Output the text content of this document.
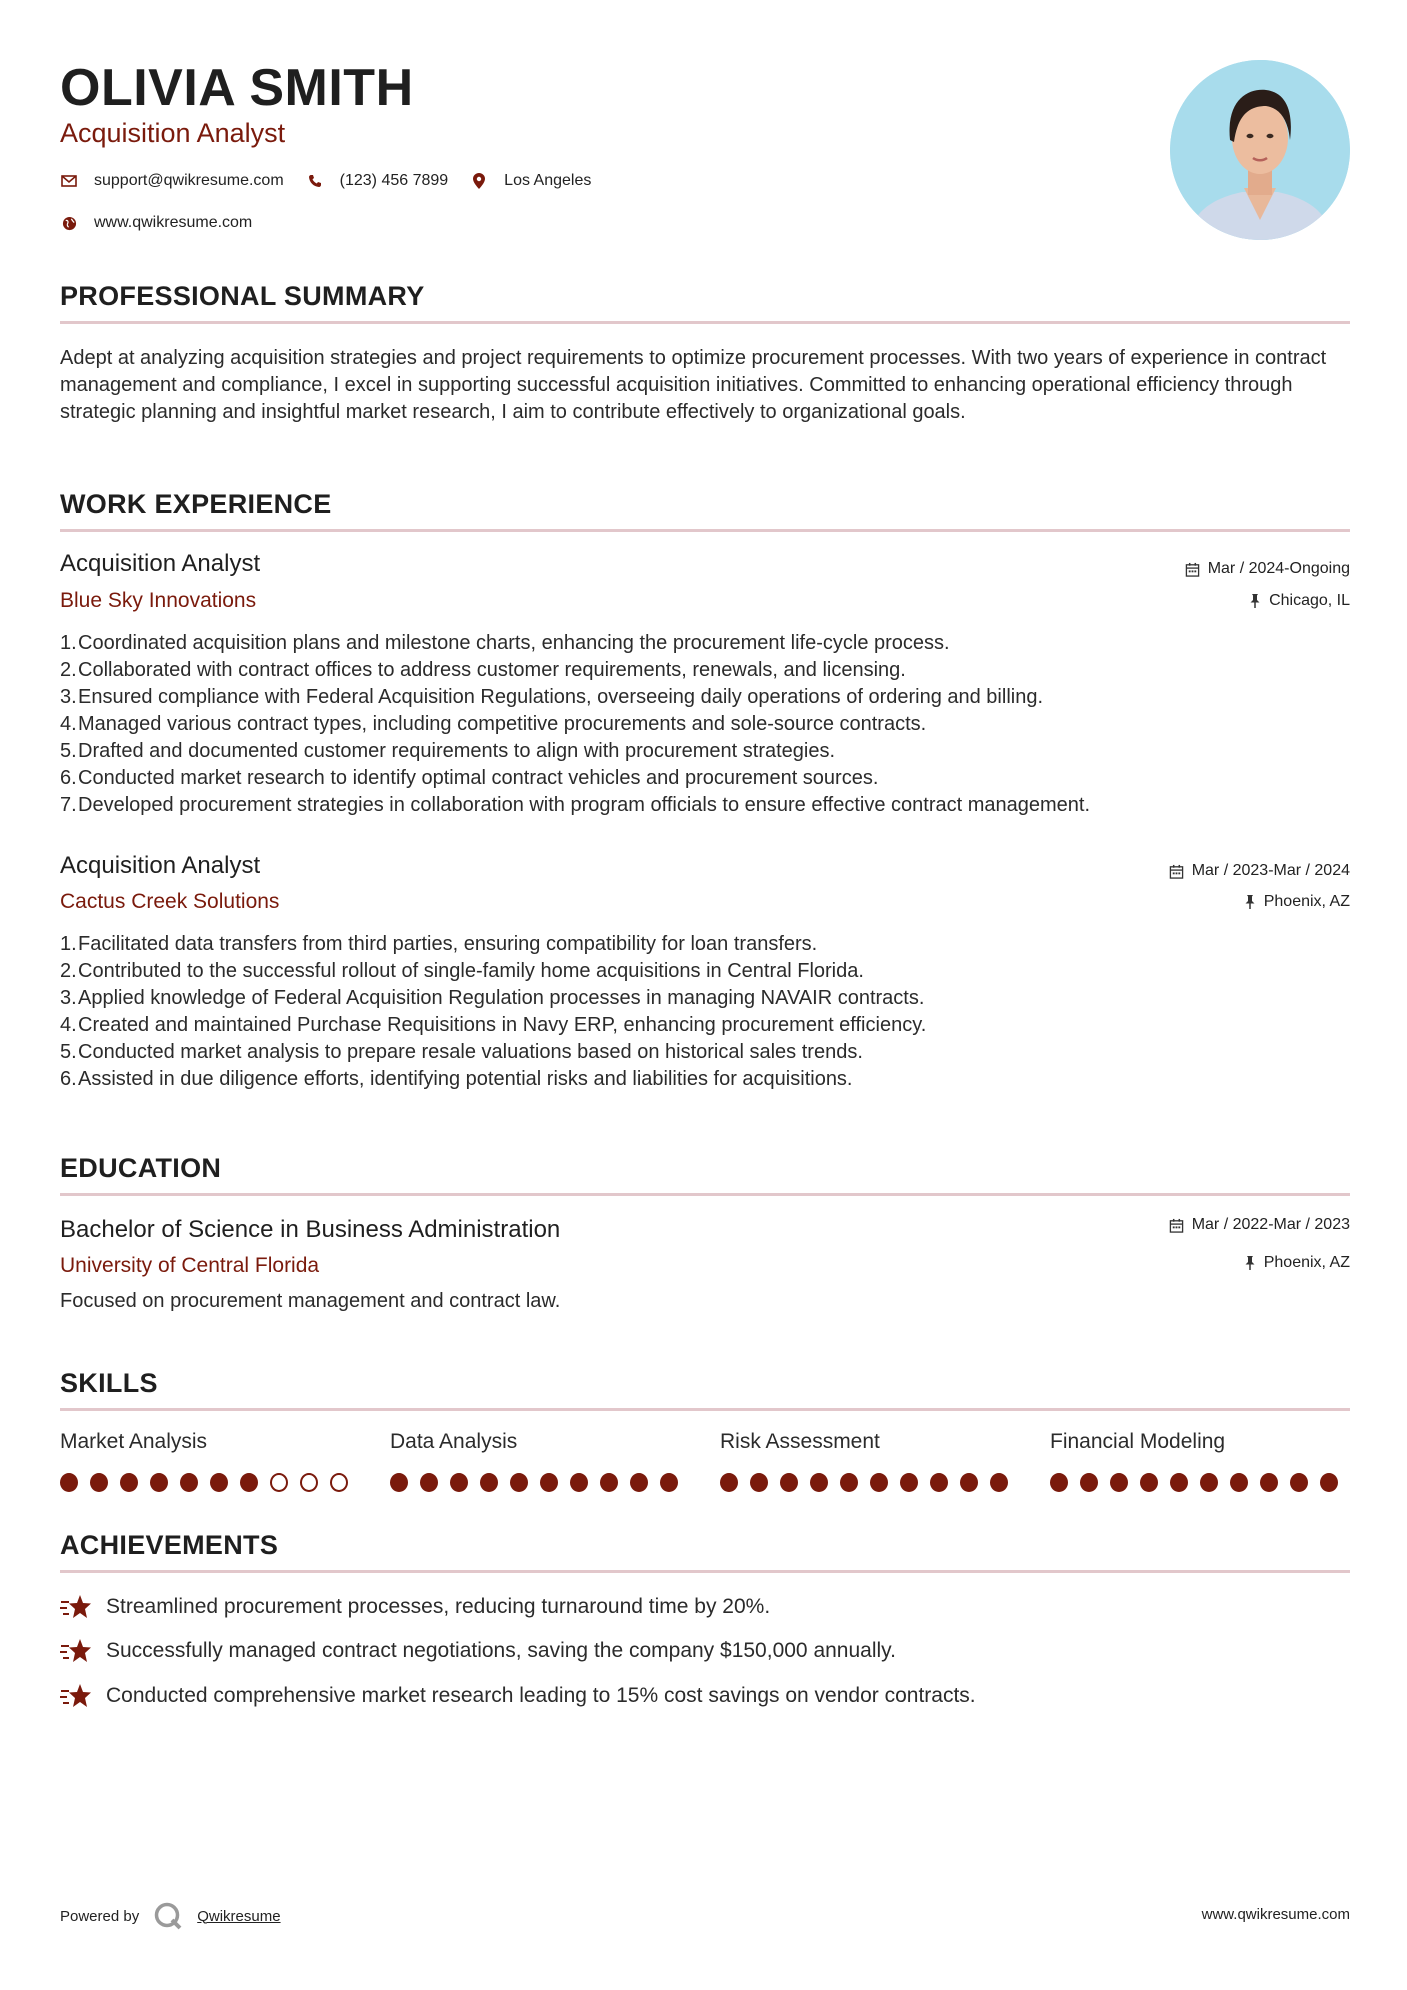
OLIVIA SMITH
Acquisition Analyst
support@qwikresume.com	(123) 456 7899	Los Angeles
www.qwikresume.com
PROFESSIONAL SUMMARY

Adept at analyzing acquisition strategies and project requirements to optimize procurement processes. With two years of experience in contract management and compliance, I excel in supporting successful acquisition initiatives. Committed to enhancing operational efficiency through strategic planning and insightful market research, I aim to contribute effectively to organizational goals.

WORK EXPERIENCE
Acquisition Analyst
Blue Sky Innovations
Mar / 2024-Ongoing
Chicago, IL
1. Coordinated acquisition plans and milestone charts, enhancing the procurement life-cycle process.
2. Collaborated with contract offices to address customer requirements, renewals, and licensing.
3. Ensured compliance with Federal Acquisition Regulations, overseeing daily operations of ordering and billing.
4. Managed various contract types, including competitive procurements and sole-source contracts.
5. Drafted and documented customer requirements to align with procurement strategies.
6. Conducted market research to identify optimal contract vehicles and procurement sources.
7. Developed procurement strategies in collaboration with program officials to ensure effective contract management.
Acquisition Analyst
Cactus Creek Solutions
Mar / 2023-Mar / 2024
Phoenix, AZ
1. Facilitated data transfers from third parties, ensuring compatibility for loan transfers.
2. Contributed to the successful rollout of single-family home acquisitions in Central Florida.
3. Applied knowledge of Federal Acquisition Regulation processes in managing NAVAIR contracts.
4. Created and maintained Purchase Requisitions in Navy ERP, enhancing procurement efficiency.
5. Conducted market analysis to prepare resale valuations based on historical sales trends.
6. Assisted in due diligence efforts, identifying potential risks and liabilities for acquisitions.
EDUCATION
Bachelor of Science in Business Administration
University of Central Florida
Mar / 2022-Mar / 2023
Phoenix, AZ
Focused on procurement management and contract law.
SKILLS
Market Analysis	Data Analysis	Risk Assessment	Financial Modeling
ACHIEVEMENTS
Streamlined procurement processes, reducing turnaround time by 20%.
Successfully managed contract negotiations, saving the company $150,000 annually.
Conducted comprehensive market research leading to 15% cost savings on vendor contracts.
Powered by	Qwikresume	www.qwikresume.com
